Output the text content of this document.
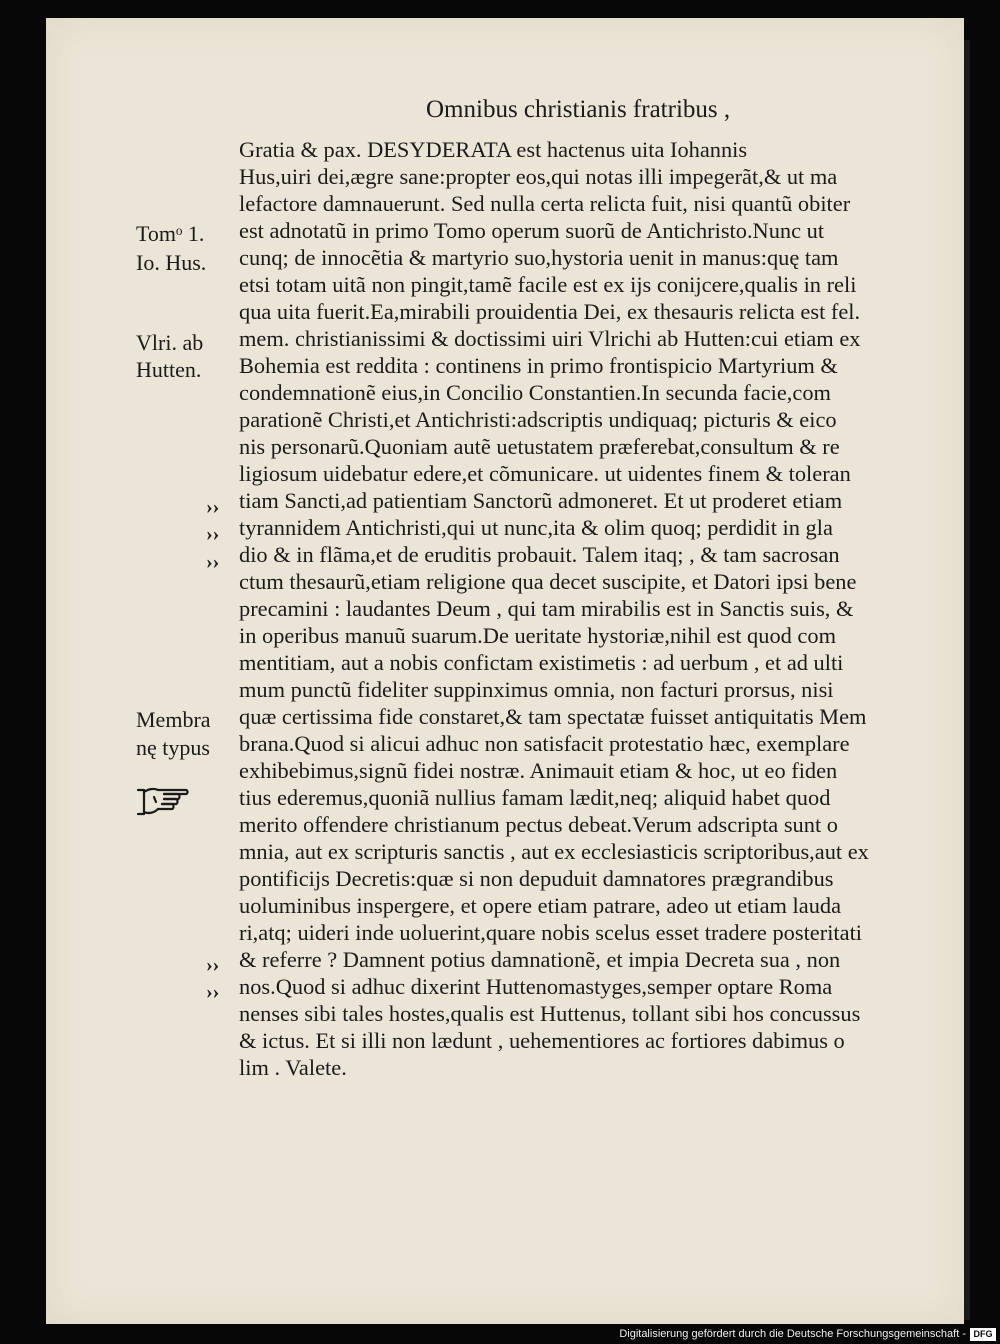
Omnibus christianis fratribus ,
Gratia & pax. DESYDERATA est hactenus uita Iohannis
Hus,uiri dei,ægre sane:propter eos,qui notas illi impegerãt,& ut ma
lefactore damnauerunt. Sed nulla certa relicta fuit, nisi quantũ obiter
est adnotatũ in primo Tomo operum suorũ de Antichristo.Nunc ut
cunq; de innocẽtia & martyrio suo,hystoria uenit in manus:quę tam
etsi totam uitã non pingit,tamẽ facile est ex ijs conijcere,qualis in reli
qua uita fuerit.Ea,mirabili prouidentia Dei, ex thesauris relicta est fel.
mem. christianissimi & doctissimi uiri Vlrichi ab Hutten:cui etiam ex
Bohemia est reddita : continens in primo frontispicio Martyrium &
condemnationẽ eius,in Concilio Constantien.In secunda facie,com
parationẽ Christi,et Antichristi:adscriptis undiquaq; picturis & eico
nis personarũ.Quoniam autẽ uetustatem præferebat,consultum & re
ligiosum uidebatur edere,et cõmunicare. ut uidentes finem & toleran
tiam Sancti,ad patientiam Sanctorũ admoneret. Et ut proderet etiam
tyrannidem Antichristi,qui ut nunc,ita & olim quoq; perdidit in gla
dio & in flãma,et de eruditis probauit. Talem itaq; , & tam sacrosan
ctum thesaurũ,etiam religione qua decet suscipite, et Datori ipsi bene
precamini : laudantes Deum , qui tam mirabilis est in Sanctis suis, &
in operibus manuũ suarum.De ueritate hystoriæ,nihil est quod com
mentitiam, aut a nobis confictam existimetis : ad uerbum , et ad ulti
mum punctũ fideliter suppinximus omnia, non facturi prorsus, nisi
quæ certissima fide constaret,& tam spectatæ fuisset antiquitatis Mem
brana.Quod si alicui adhuc non satisfacit protestatio hæc, exemplare
exhibebimus,signũ fidei nostræ. Animauit etiam & hoc, ut eo fiden
tius ederemus,quoniã nullius famam lædit,neq; aliquid habet quod
merito offendere christianum pectus debeat.Verum adscripta sunt o
mnia, aut ex scripturis sanctis , aut ex ecclesiasticis scriptoribus,aut ex
pontificijs Decretis:quæ si non depuduit damnatores prægrandibus
uoluminibus inspergere, et opere etiam patrare, adeo ut etiam lauda
ri,atq; uideri inde uoluerint,quare nobis scelus esset tradere posteritati
& referre ? Damnent potius damnationẽ, et impia Decreta sua , non
nos.Quod si adhuc dixerint Huttenomastyges,semper optare Roma
nenses sibi tales hostes,qualis est Huttenus, tollant sibi hos concussus
& ictus. Et si illi non lædunt , uehementiores ac fortiores dabimus o
lim . Valete.
Tomᵒ 1.
Io. Hus.
Vlri. ab
Hutten.
Membra
nę typus
››
››
››
››
››
Digitalisierung gefördert durch die Deutsche Forschungsgemeinschaft - DFG
